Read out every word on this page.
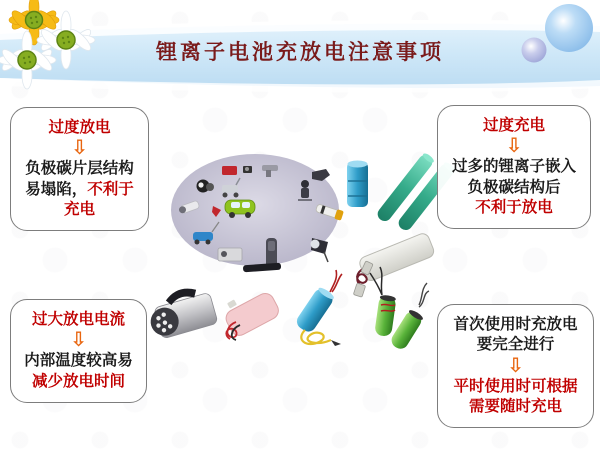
锂离子电池充放电注意事项
过度放电
⇩
负极碳片层结构易塌陷，不利于充电
过度充电
⇩
过多的锂离子嵌入负极碳结构后
不利于放电
过大放电电流
⇩
内部温度较高易
减少放电时间
首次使用时充放电要完全进行
⇩
平时使用时可根据需要随时充电
